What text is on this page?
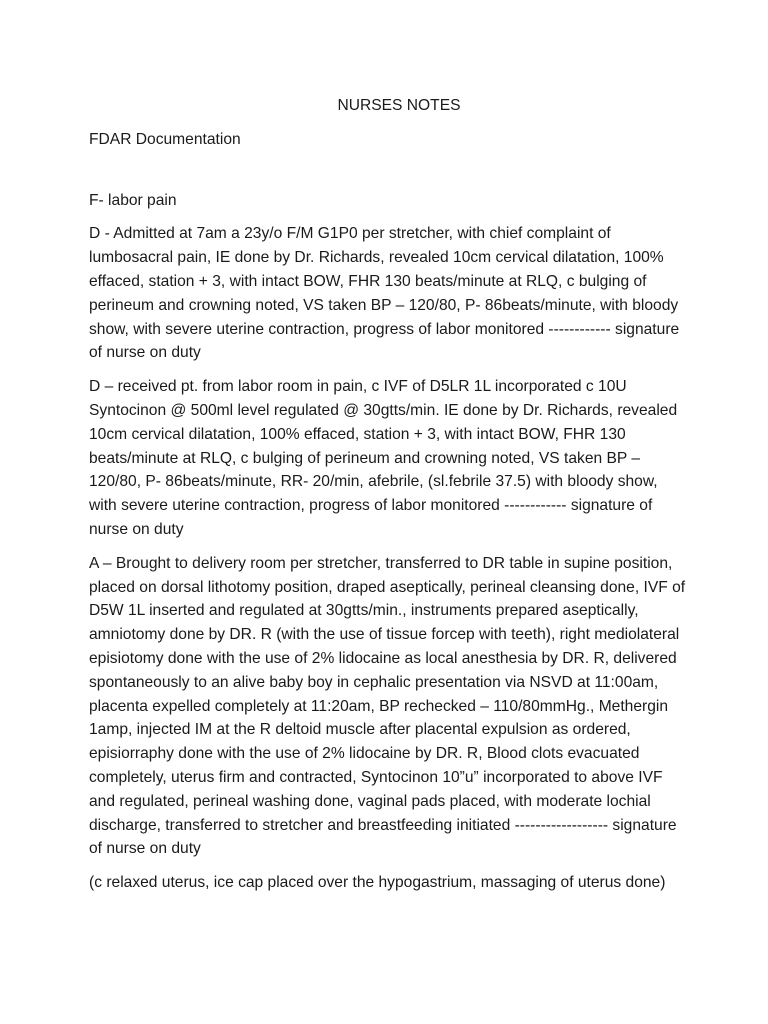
NURSES NOTES

FDAR Documentation

F- labor pain

D - Admitted at 7am a 23y/o F/M G1P0 per stretcher, with chief complaint of lumbosacral pain, IE done by Dr. Richards, revealed 10cm cervical dilatation, 100% effaced, station + 3, with intact BOW, FHR 130 beats/minute at RLQ, c bulging of perineum and crowning noted, VS taken BP – 120/80, P- 86beats/minute, with bloody show, with severe uterine contraction, progress of labor monitored ------------ signature of nurse on duty

D – received pt. from labor room in pain, c IVF of D5LR 1L incorporated c 10U Syntocinon @ 500ml level regulated @ 30gtts/min. IE done by Dr. Richards, revealed 10cm cervical dilatation, 100% effaced, station + 3, with intact BOW, FHR 130 beats/minute at RLQ, c bulging of perineum and crowning noted, VS taken BP – 120/80, P- 86beats/minute, RR- 20/min, afebrile, (sl.febrile 37.5) with bloody show, with severe uterine contraction, progress of labor monitored ------------ signature of nurse on duty

A – Brought to delivery room per stretcher, transferred to DR table in supine position, placed on dorsal lithotomy position, draped aseptically, perineal cleansing done, IVF of D5W 1L inserted and regulated at 30gtts/min., instruments prepared aseptically, amniotomy done by DR. R (with the use of tissue forcep with teeth), right mediolateral episiotomy done with the use of 2% lidocaine as local anesthesia by DR. R, delivered spontaneously to an alive baby boy in cephalic presentation via NSVD at 11:00am, placenta expelled completely at 11:20am, BP rechecked – 110/80mmHg., Methergin 1amp, injected IM at the R deltoid muscle after placental expulsion as ordered, episiorraphy done with the use of 2% lidocaine by DR. R, Blood clots evacuated completely, uterus firm and contracted, Syntocinon 10”u” incorporated to above IVF and regulated, perineal washing done, vaginal pads placed, with moderate lochial discharge, transferred to stretcher and breastfeeding initiated ------------------ signature of nurse on duty

(c relaxed uterus, ice cap placed over the hypogastrium, massaging of uterus done)
